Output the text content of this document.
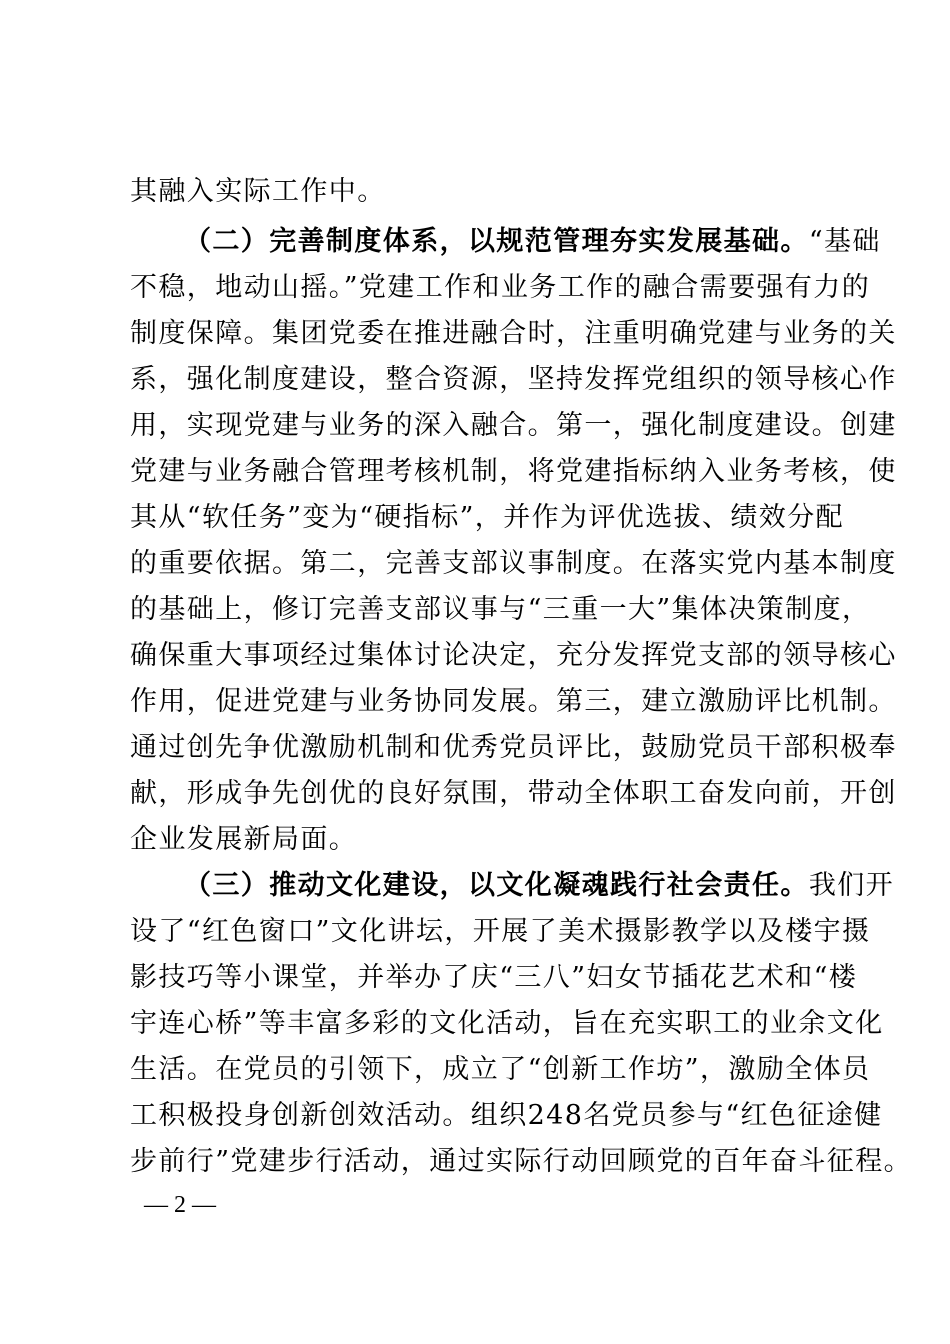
其融入实际工作中。
（二）完善制度体系，以规范管理夯实发展基础。“基础
不稳，地动山摇。”党建工作和业务工作的融合需要强有力的
制度保障。集团党委在推进融合时，注重明确党建与业务的关
系，强化制度建设，整合资源，坚持发挥党组织的领导核心作
用，实现党建与业务的深入融合。第一，强化制度建设。创建
党建与业务融合管理考核机制，将党建指标纳入业务考核，使
其从“软任务”变为“硬指标”，并作为评优选拔、绩效分配
的重要依据。第二，完善支部议事制度。在落实党内基本制度
的基础上，修订完善支部议事与“三重一大”集体决策制度，
确保重大事项经过集体讨论决定，充分发挥党支部的领导核心
作用，促进党建与业务协同发展。第三，建立激励评比机制。
通过创先争优激励机制和优秀党员评比，鼓励党员干部积极奉
献，形成争先创优的良好氛围，带动全体职工奋发向前，开创
企业发展新局面。
（三）推动文化建设，以文化凝魂践行社会责任。我们开
设了“红色窗口”文化讲坛，开展了美术摄影教学以及楼宇摄
影技巧等小课堂，并举办了庆“三八”妇女节插花艺术和“楼
宇连心桥”等丰富多彩的文化活动，旨在充实职工的业余文化
生活。在党员的引领下，成立了“创新工作坊”，激励全体员
工积极投身创新创效活动。组织248名党员参与“红色征途健
步前行”党建步行活动，通过实际行动回顾党的百年奋斗征程。
— 2 —
